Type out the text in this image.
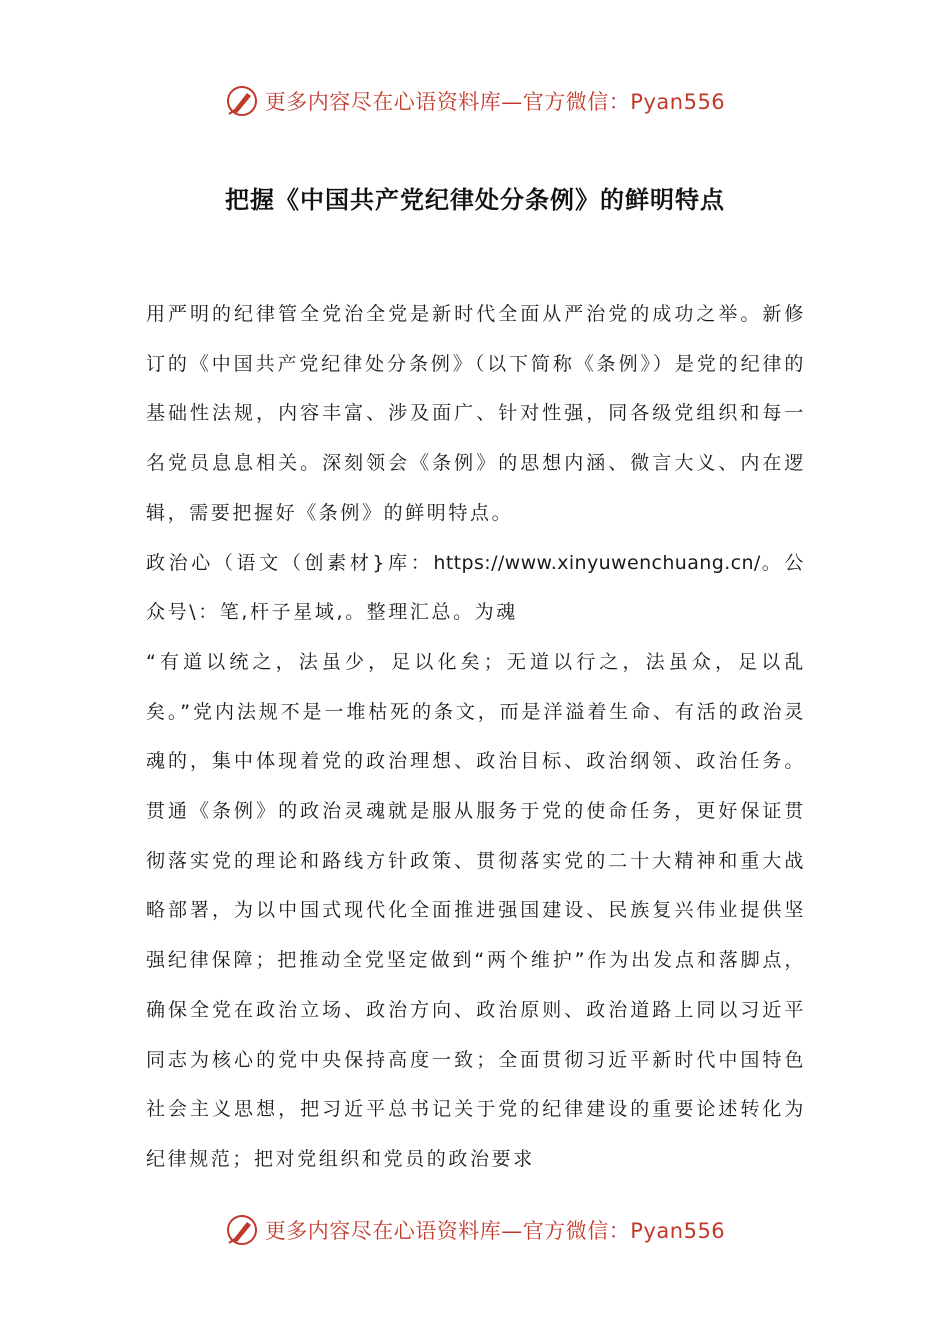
更多内容尽在心语资料库—官方微信：Pyan556
把握《中国共产党纪律处分条例》的鲜明特点

用严明的纪律管全党治全党是新时代全面从严治党的成功之举。新修订的《中国共产党纪律处分条例》（以下简称《条例》）是党的纪律的基础性法规，内容丰富、涉及面广、针对性强，同各级党组织和每一名党员息息相关。深刻领会《条例》的思想内涵、微言大义、内在逻辑，需要把握好《条例》的鲜明特点。

政治心（语文（创素材}库：https://www.xinyuwenchuang.cn/。公众号\：笔,杆子星域,。整理汇总。为魂

“有道以统之，法虽少，足以化矣；无道以行之，法虽众，足以乱矣。”党内法规不是一堆枯死的条文，而是洋溢着生命、有活的政治灵魂的，集中体现着党的政治理想、政治目标、政治纲领、政治任务。贯通《条例》的政治灵魂就是服从服务于党的使命任务，更好保证贯彻落实党的理论和路线方针政策、贯彻落实党的二十大精神和重大战略部署，为以中国式现代化全面推进强国建设、民族复兴伟业提供坚强纪律保障；把推动全党坚定做到“两个维护”作为出发点和落脚点，确保全党在政治立场、政治方向、政治原则、政治道路上同以习近平同志为核心的党中央保持高度一致；全面贯彻习近平新时代中国特色社会主义思想，把习近平总书记关于党的纪律建设的重要论述转化为纪律规范；把对党组织和党员的政治要求

更多内容尽在心语资料库—官方微信：Pyan556
